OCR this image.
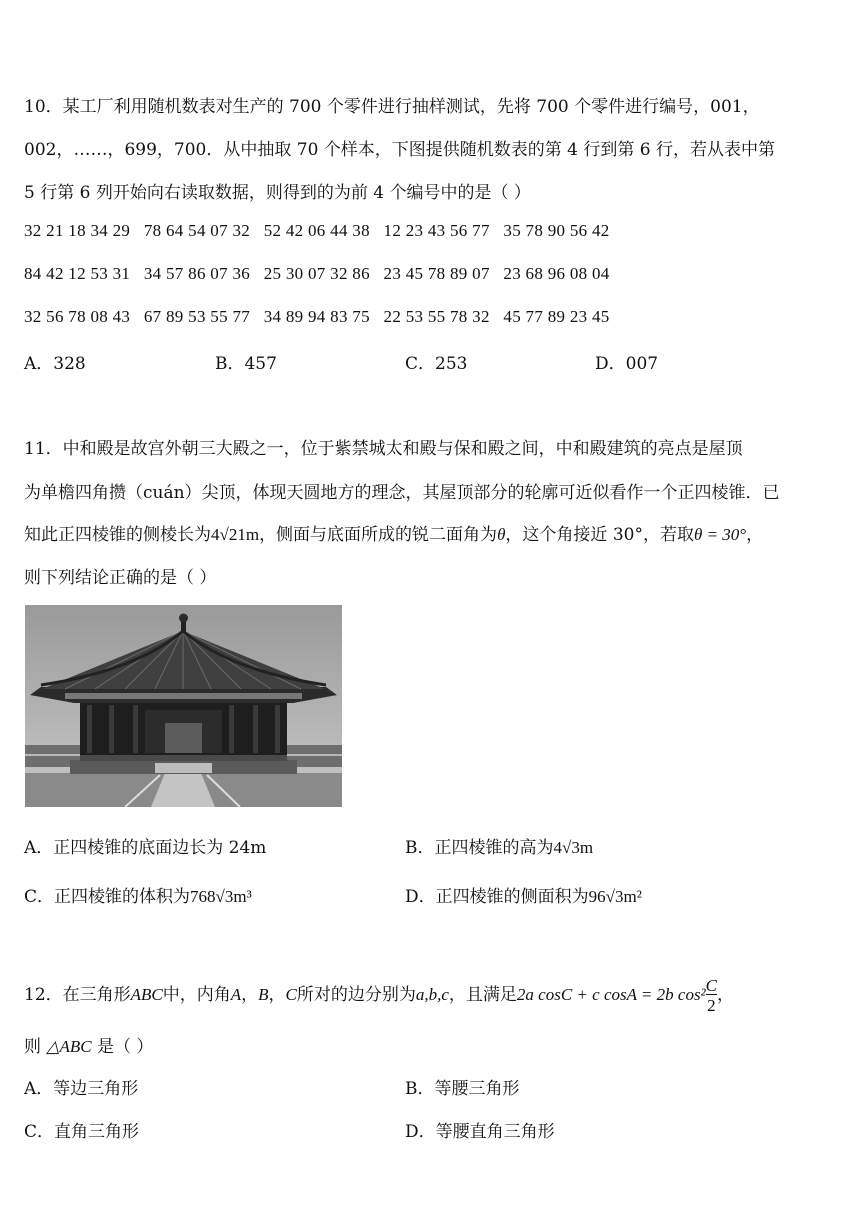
10．某工厂利用随机数表对生产的 700 个零件进行抽样测试，先将 700 个零件进行编号，001，
002，……，699，700．从中抽取 70 个样本，下图提供随机数表的第 4 行到第 6 行，若从表中第
5 行第 6 列开始向右读取数据，则得到的为前 4 个编号中的是（ ）
32 21 18 34 29   78 64 54 07 32   52 42 06 44 38   12 23 43 56 77   35 78 90 56 42
84 42 12 53 31   34 57 86 07 36   25 30 07 32 86   23 45 78 89 07   23 68 96 08 04
32 56 78 08 43   67 89 53 55 77   34 89 94 83 75   22 53 55 78 32   45 77 89 23 45
A．328	B．457	C．253	D．007
11．中和殿是故宫外朝三大殿之一，位于紫禁城太和殿与保和殿之间，中和殿建筑的亮点是屋顶
为单檐四角攒（cuán）尖顶，体现天圆地方的理念，其屋顶部分的轮廓可近似看作一个正四棱锥．已
知此正四棱锥的侧棱长为4√21m，侧面与底面所成的锐二面角为θ，这个角接近 30°，若取θ = 30°，
则下列结论正确的是（ ）
A．正四棱锥的底面边长为 24m	B．正四棱锥的高为4√3m
C．正四棱锥的体积为768√3m³	D．正四棱锥的侧面积为96√3m²
12．在三角形ABC中，内角A，B，C所对的边分别为a,b,c，且满足2a cosC + c cosA = 2b $\cos^2 \frac{C}{2}$ ，
则 △ABC 是（ ）
A．等边三角形	B．等腰三角形
C．直角三角形	D．等腰直角三角形
